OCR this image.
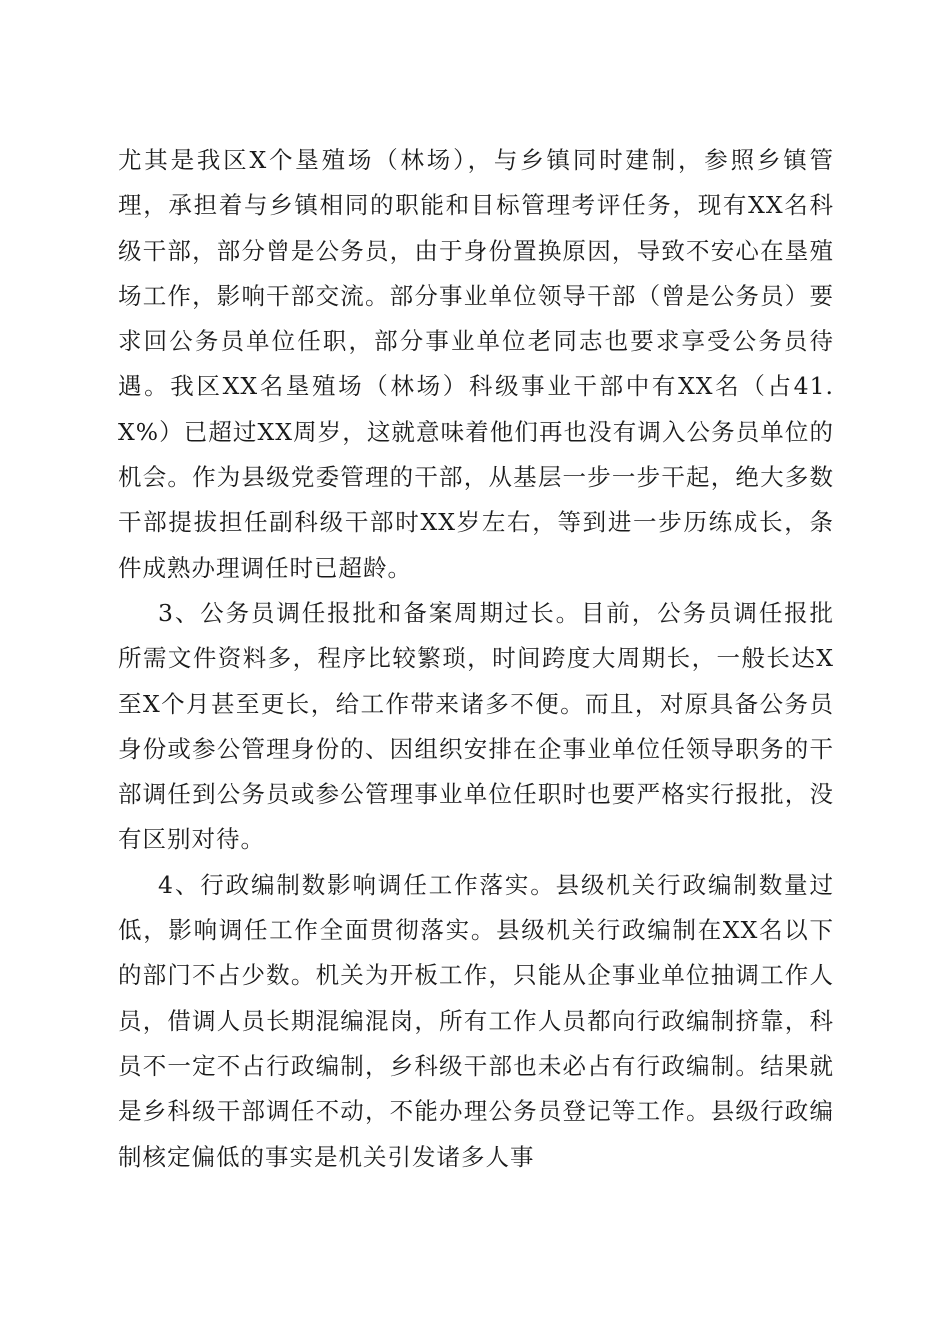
尤其是我区X个垦殖场（林场），与乡镇同时建制，参照乡镇管理，承担着与乡镇相同的职能和目标管理考评任务，现有XX名科级干部，部分曾是公务员，由于身份置换原因，导致不安心在垦殖场工作，影响干部交流。部分事业单位领导干部（曾是公务员）要求回公务员单位任职，部分事业单位老同志也要求享受公务员待遇。我区XX名垦殖场（林场）科级事业干部中有XX名（占41.X%）已超过XX周岁，这就意味着他们再也没有调入公务员单位的机会。作为县级党委管理的干部，从基层一步一步干起，绝大多数干部提拔担任副科级干部时XX岁左右，等到进一步历练成长，条件成熟办理调任时已超龄。

3、公务员调任报批和备案周期过长。目前，公务员调任报批所需文件资料多，程序比较繁琐，时间跨度大周期长，一般长达X至X个月甚至更长，给工作带来诸多不便。而且，对原具备公务员身份或参公管理身份的、因组织安排在企事业单位任领导职务的干部调任到公务员或参公管理事业单位任职时也要严格实行报批，没有区别对待。

4、行政编制数影响调任工作落实。县级机关行政编制数量过低，影响调任工作全面贯彻落实。县级机关行政编制在XX名以下的部门不占少数。机关为开板工作，只能从企事业单位抽调工作人员，借调人员长期混编混岗，所有工作人员都向行政编制挤靠，科员不一定不占行政编制，乡科级干部也未必占有行政编制。结果就是乡科级干部调任不动，不能办理公务员登记等工作。县级行政编制核定偏低的事实是机关引发诸多人事
